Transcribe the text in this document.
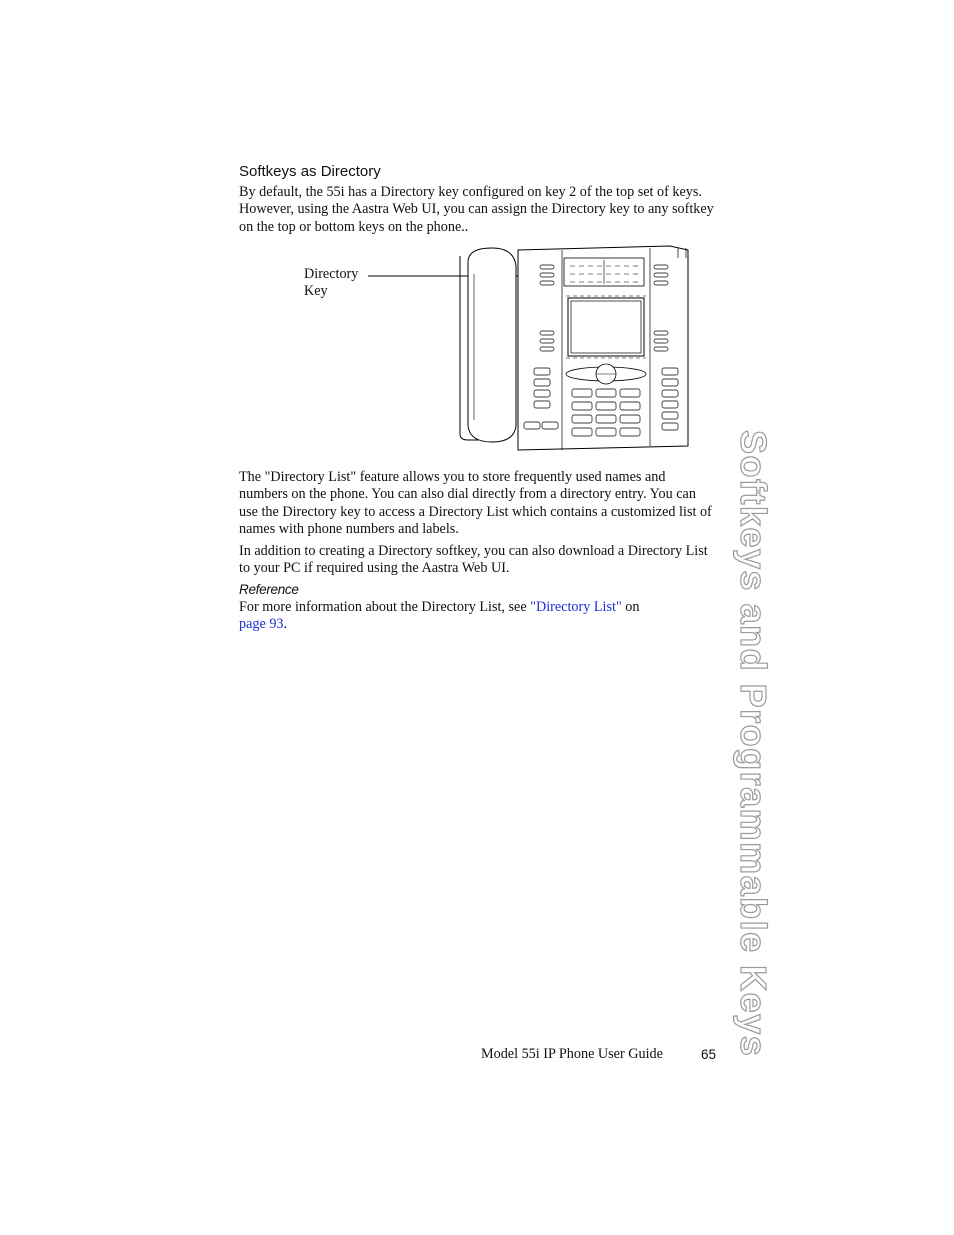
Softkeys as Directory

By default, the 55i has a Directory key configured on key 2 of the top set of keys. However, using the Aastra Web UI, you can assign the Directory key to any softkey on the top or bottom keys on the phone..

Directory
Key

The "Directory List" feature allows you to store frequently used names and numbers on the phone. You can also dial directly from a directory entry. You can use the Directory key to access a Directory List which contains a customized list of names with phone numbers and labels.

In addition to creating a Directory softkey, you can also download a Directory List to your PC if required using the Aastra Web UI.

Reference

For more information about the Directory List, see "Directory List" on
page 93.	Softkeys and Programmable Keys
Model 55i IP Phone User Guide	65
